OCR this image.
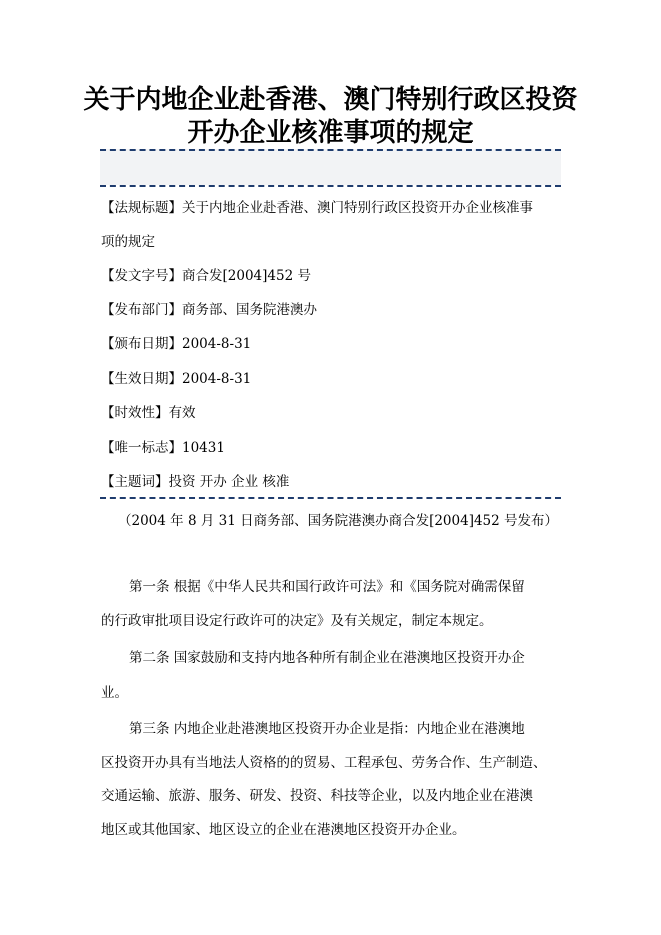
关于内地企业赴香港、澳门特别行政区投资
开办企业核准事项的规定
【法规标题】关于内地企业赴香港、澳门特别行政区投资开办企业核准事
项的规定
【发文字号】商合发[2004]452 号
【发布部门】商务部、国务院港澳办
【颁布日期】2004-8-31
【生效日期】2004-8-31
【时效性】有效
【唯一标志】10431
【主题词】投资 开办 企业 核准
（2004 年 8 月 31 日商务部、国务院港澳办商合发[2004]452 号发布）
第一条 根据《中华人民共和国行政许可法》和《国务院对确需保留
的行政审批项目设定行政许可的决定》及有关规定，制定本规定。
第二条 国家鼓励和支持内地各种所有制企业在港澳地区投资开办企
业。
第三条 内地企业赴港澳地区投资开办企业是指：内地企业在港澳地
区投资开办具有当地法人资格的的贸易、工程承包、劳务合作、生产制造、
交通运输、旅游、服务、研发、投资、科技等企业，以及内地企业在港澳
地区或其他国家、地区设立的企业在港澳地区投资开办企业。
